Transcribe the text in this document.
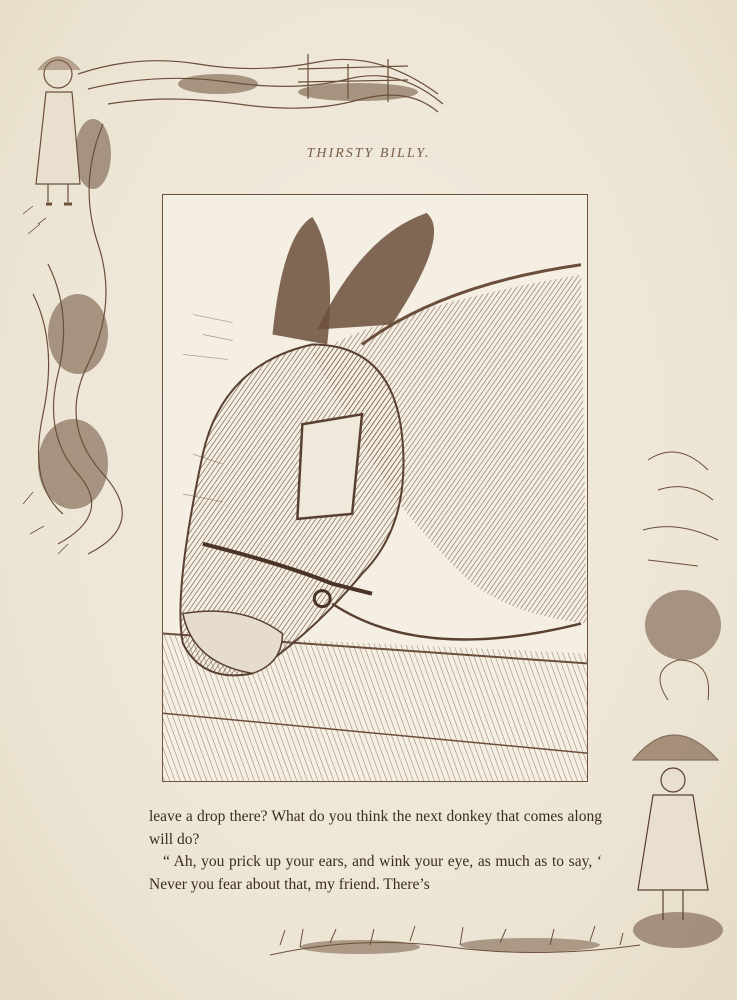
THIRSTY BILLY.

leave a drop there? What do you think the next donkey that comes along will do?

“ Ah, you prick up your ears, and wink your eye, as much as to say, ‘ Never you fear about that, my friend. There’s
